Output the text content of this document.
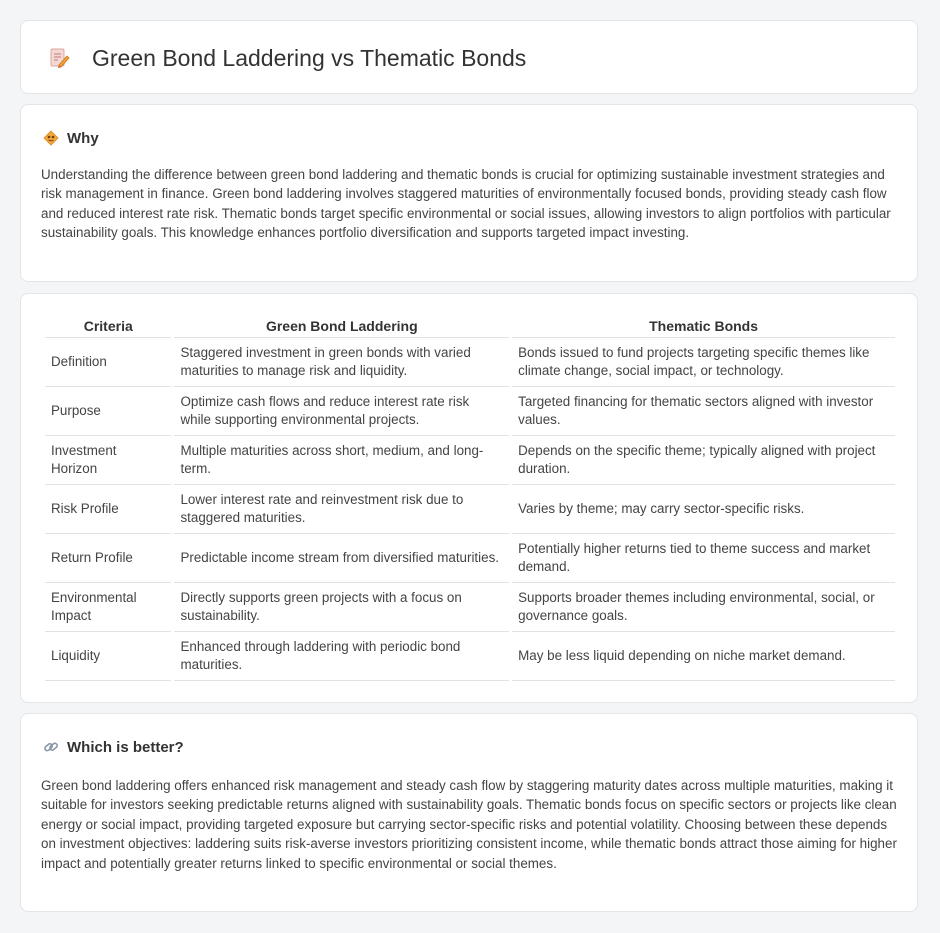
Green Bond Laddering vs Thematic Bonds
Why

Understanding the difference between green bond laddering and thematic bonds is crucial for optimizing sustainable investment strategies and risk management in finance. Green bond laddering involves staggered maturities of environmentally focused bonds, providing steady cash flow and reduced interest rate risk. Thematic bonds target specific environmental or social issues, allowing investors to align portfolios with particular sustainability goals. This knowledge enhances portfolio diversification and supports targeted impact investing.

Criteria	Green Bond Laddering	Thematic Bonds
Definition	Staggered investment in green bonds with varied maturities to manage risk and liquidity.	Bonds issued to fund projects targeting specific themes like climate change, social impact, or technology.
Purpose	Optimize cash flows and reduce interest rate risk while supporting environmental projects.	Targeted financing for thematic sectors aligned with investor values.
Investment Horizon	Multiple maturities across short, medium, and long-term.	Depends on the specific theme; typically aligned with project duration.
Risk Profile	Lower interest rate and reinvestment risk due to staggered maturities.	Varies by theme; may carry sector-specific risks.
Return Profile	Predictable income stream from diversified maturities.	Potentially higher returns tied to theme success and market demand.
Environmental Impact	Directly supports green projects with a focus on sustainability.	Supports broader themes including environmental, social, or governance goals.
Liquidity	Enhanced through laddering with periodic bond maturities.	May be less liquid depending on niche market demand.
Which is better?

Green bond laddering offers enhanced risk management and steady cash flow by staggering maturity dates across multiple maturities, making it suitable for investors seeking predictable returns aligned with sustainability goals. Thematic bonds focus on specific sectors or projects like clean energy or social impact, providing targeted exposure but carrying sector-specific risks and potential volatility. Choosing between these depends on investment objectives: laddering suits risk-averse investors prioritizing consistent income, while thematic bonds attract those aiming for higher impact and potentially greater returns linked to specific environmental or social themes.
